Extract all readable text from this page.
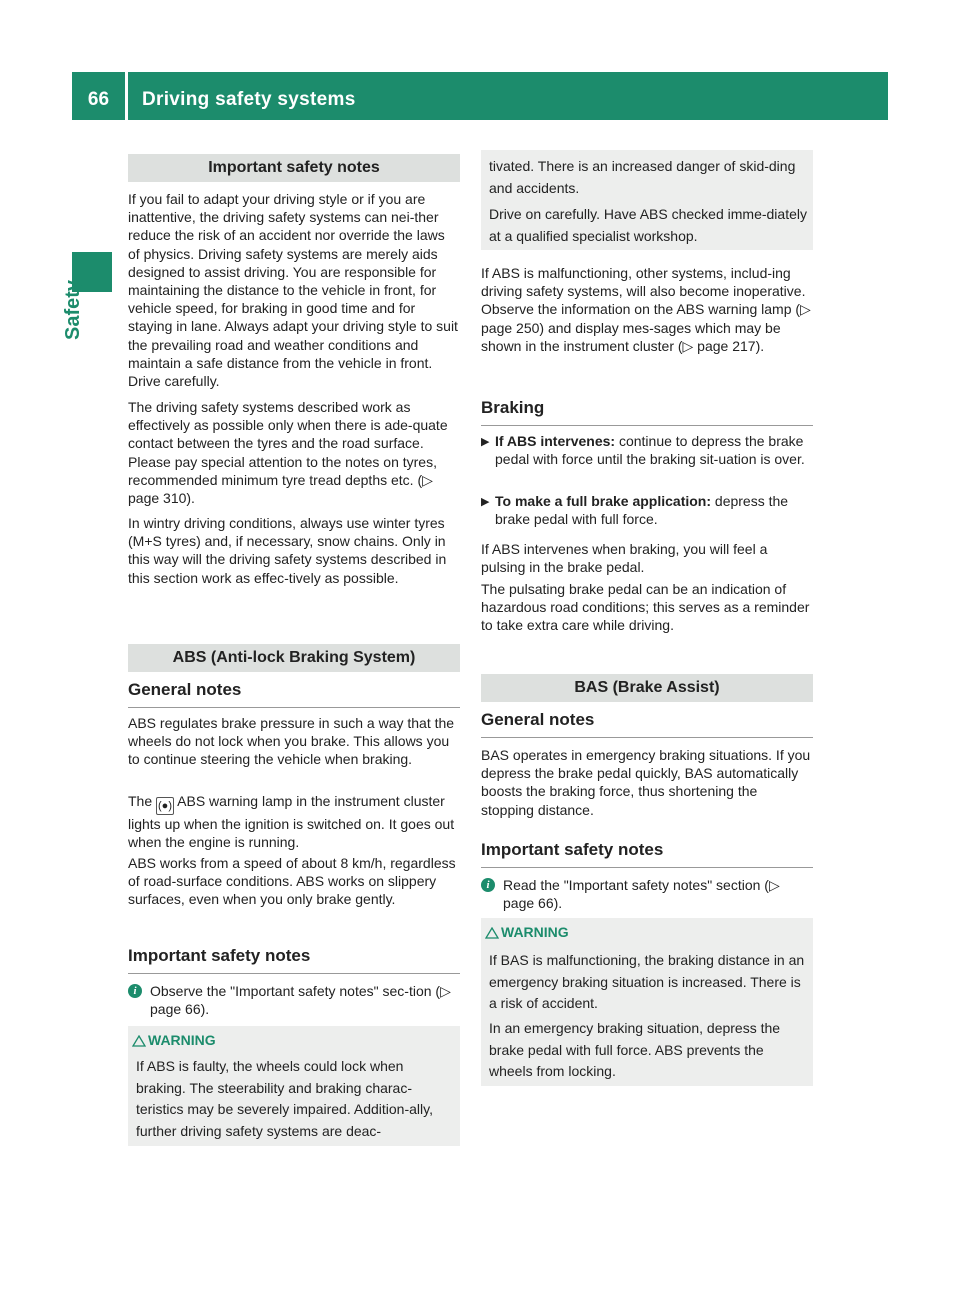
66	Driving safety systems
Safety
Important safety notes

If you fail to adapt your driving style or if you are inattentive, the driving safety systems can nei-ther reduce the risk of an accident nor override the laws of physics. Driving safety systems are merely aids designed to assist driving. You are responsible for maintaining the distance to the vehicle in front, for vehicle speed, for braking in good time and for staying in lane. Always adapt your driving style to suit the prevailing road and weather conditions and maintain a safe distance from the vehicle in front. Drive carefully.

The driving safety systems described work as effectively as possible only when there is ade-quate contact between the tyres and the road surface. Please pay special attention to the notes on tyres, recommended minimum tyre tread depths etc. (▷ page 310).

In wintry driving conditions, always use winter tyres (M+S tyres) and, if necessary, snow chains. Only in this way will the driving safety systems described in this section work as effec-tively as possible.

ABS (Anti-lock Braking System)
General notes

ABS regulates brake pressure in such a way that the wheels do not lock when you brake. This allows you to continue steering the vehicle when braking.

The (●) ABS warning lamp in the instrument cluster lights up when the ignition is switched on. It goes out when the engine is running.

ABS works from a speed of about 8 km/h, regardless of road-surface conditions. ABS works on slippery surfaces, even when you only brake gently.

Important safety notes
i Observe the "Important safety notes" sec-tion (▷ page 66).
WARNING
If ABS is faulty, the wheels could lock when braking. The steerability and braking charac-teristics may be severely impaired. Addition-ally, further driving safety systems are deac-
tivated. There is an increased danger of skid-ding and accidents.
Drive on carefully. Have ABS checked imme-diately at a qualified specialist workshop.

If ABS is malfunctioning, other systems, includ-ing driving safety systems, will also become inoperative. Observe the information on the ABS warning lamp (▷ page 250) and display mes-sages which may be shown in the instrument cluster (▷ page 217).

Braking
▶ If ABS intervenes: continue to depress the brake pedal with force until the braking sit-uation is over.
▶ To make a full brake application: depress the brake pedal with full force.

If ABS intervenes when braking, you will feel a pulsing in the brake pedal.

The pulsating brake pedal can be an indication of hazardous road conditions; this serves as a reminder to take extra care while driving.

BAS (Brake Assist)
General notes

BAS operates in emergency braking situations. If you depress the brake pedal quickly, BAS automatically boosts the braking force, thus shortening the stopping distance.

Important safety notes
i Read the "Important safety notes" section (▷ page 66).
WARNING
If BAS is malfunctioning, the braking distance in an emergency braking situation is increased. There is a risk of accident.
In an emergency braking situation, depress the brake pedal with full force. ABS prevents the wheels from locking.
